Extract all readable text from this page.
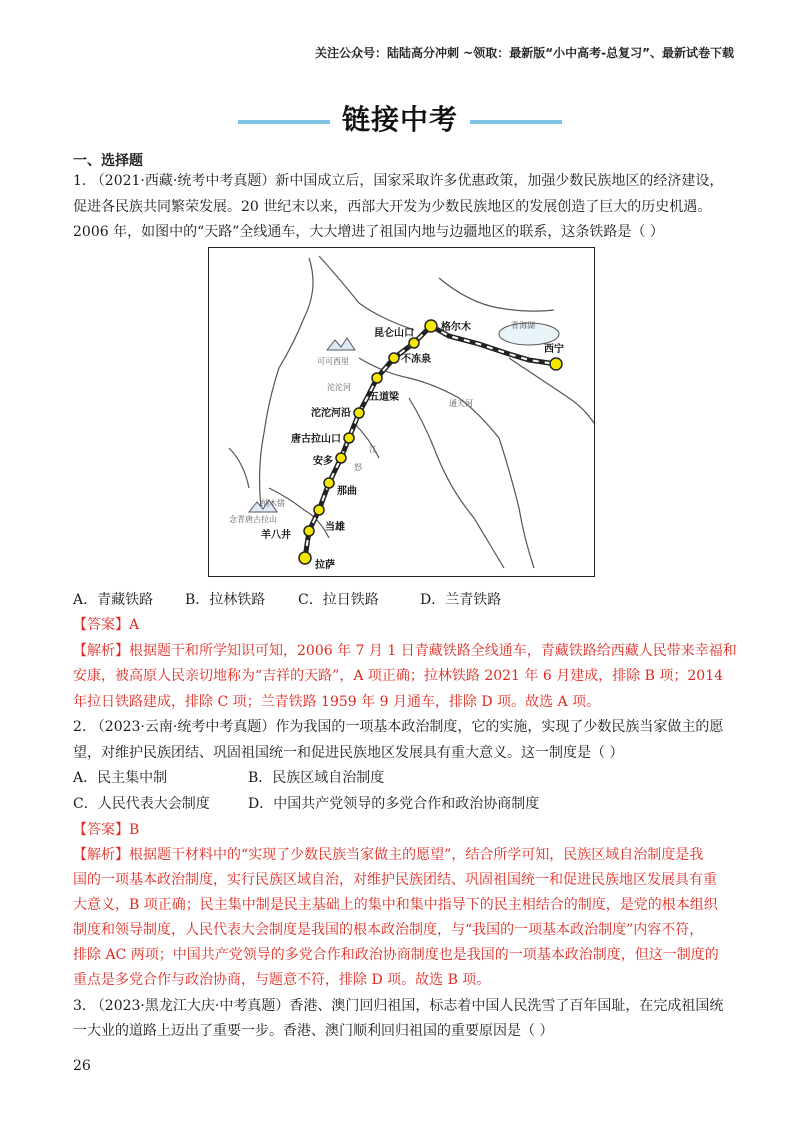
关注公众号：陆陆高分冲刺 ~领取：最新版“小中高考-总复习”、最新试卷下载
链接中考
一、选择题
1. （2021·西藏·统考中考真题）新中国成立后，国家采取许多优惠政策，加强少数民族地区的经济建设，
促进各民族共同繁荣发展。20 世纪末以来，西部大开发为少数民族地区的发展创造了巨大的历史机遇。
2006 年，如图中的“天路”全线通车，大大增进了祖国内地与边疆地区的联系，这条铁路是（ ）
格尔木
西宁
昆仑山口
不冻泉
五道梁
沱沱河沿
唐古拉山口
安多
那曲
当雄
羊八井
拉萨
青海湖
可可西里
沱沱河
通天河
怒
江
纳木错
念青唐古拉山
A．青藏铁路 B．拉林铁路 C．拉日铁路	D．兰青铁路
【答案】A
【解析】根据题干和所学知识可知，2006 年 7 月 1 日青藏铁路全线通车，青藏铁路给西藏人民带来幸福和
安康，被高原人民亲切地称为“吉祥的天路”，A 项正确；拉林铁路 2021 年 6 月建成，排除 B 项；2014
年拉日铁路建成，排除 C 项；兰青铁路 1959 年 9 月通车，排除 D 项。故选 A 项。
2. （2023·云南·统考中考真题）作为我国的一项基本政治制度，它的实施，实现了少数民族当家做主的愿
望，对维护民族团结、巩固祖国统一和促进民族地区发展具有重大意义。这一制度是（ ）
A．民主集中制	B．民族区域自治制度
C．人民代表大会制度	D．中国共产党领导的多党合作和政治协商制度
【答案】B
【解析】根据题干材料中的“实现了少数民族当家做主的愿望”，结合所学可知，民族区域自治制度是我
国的一项基本政治制度，实行民族区域自治，对维护民族团结、巩固祖国统一和促进民族地区发展具有重
大意义，B 项正确；民主集中制是民主基础上的集中和集中指导下的民主相结合的制度，是党的根本组织
制度和领导制度，人民代表大会制度是我国的根本政治制度，与“我国的一项基本政治制度”内容不符，
排除 AC 两项；中国共产党领导的多党合作和政治协商制度也是我国的一项基本政治制度，但这一制度的
重点是多党合作与政治协商，与题意不符，排除 D 项。故选 B 项。
3. （2023·黑龙江大庆·中考真题）香港、澳门回归祖国，标志着中国人民洗雪了百年国耻，在完成祖国统
一大业的道路上迈出了重要一步。香港、澳门顺利回归祖国的重要原因是（ ）
26
